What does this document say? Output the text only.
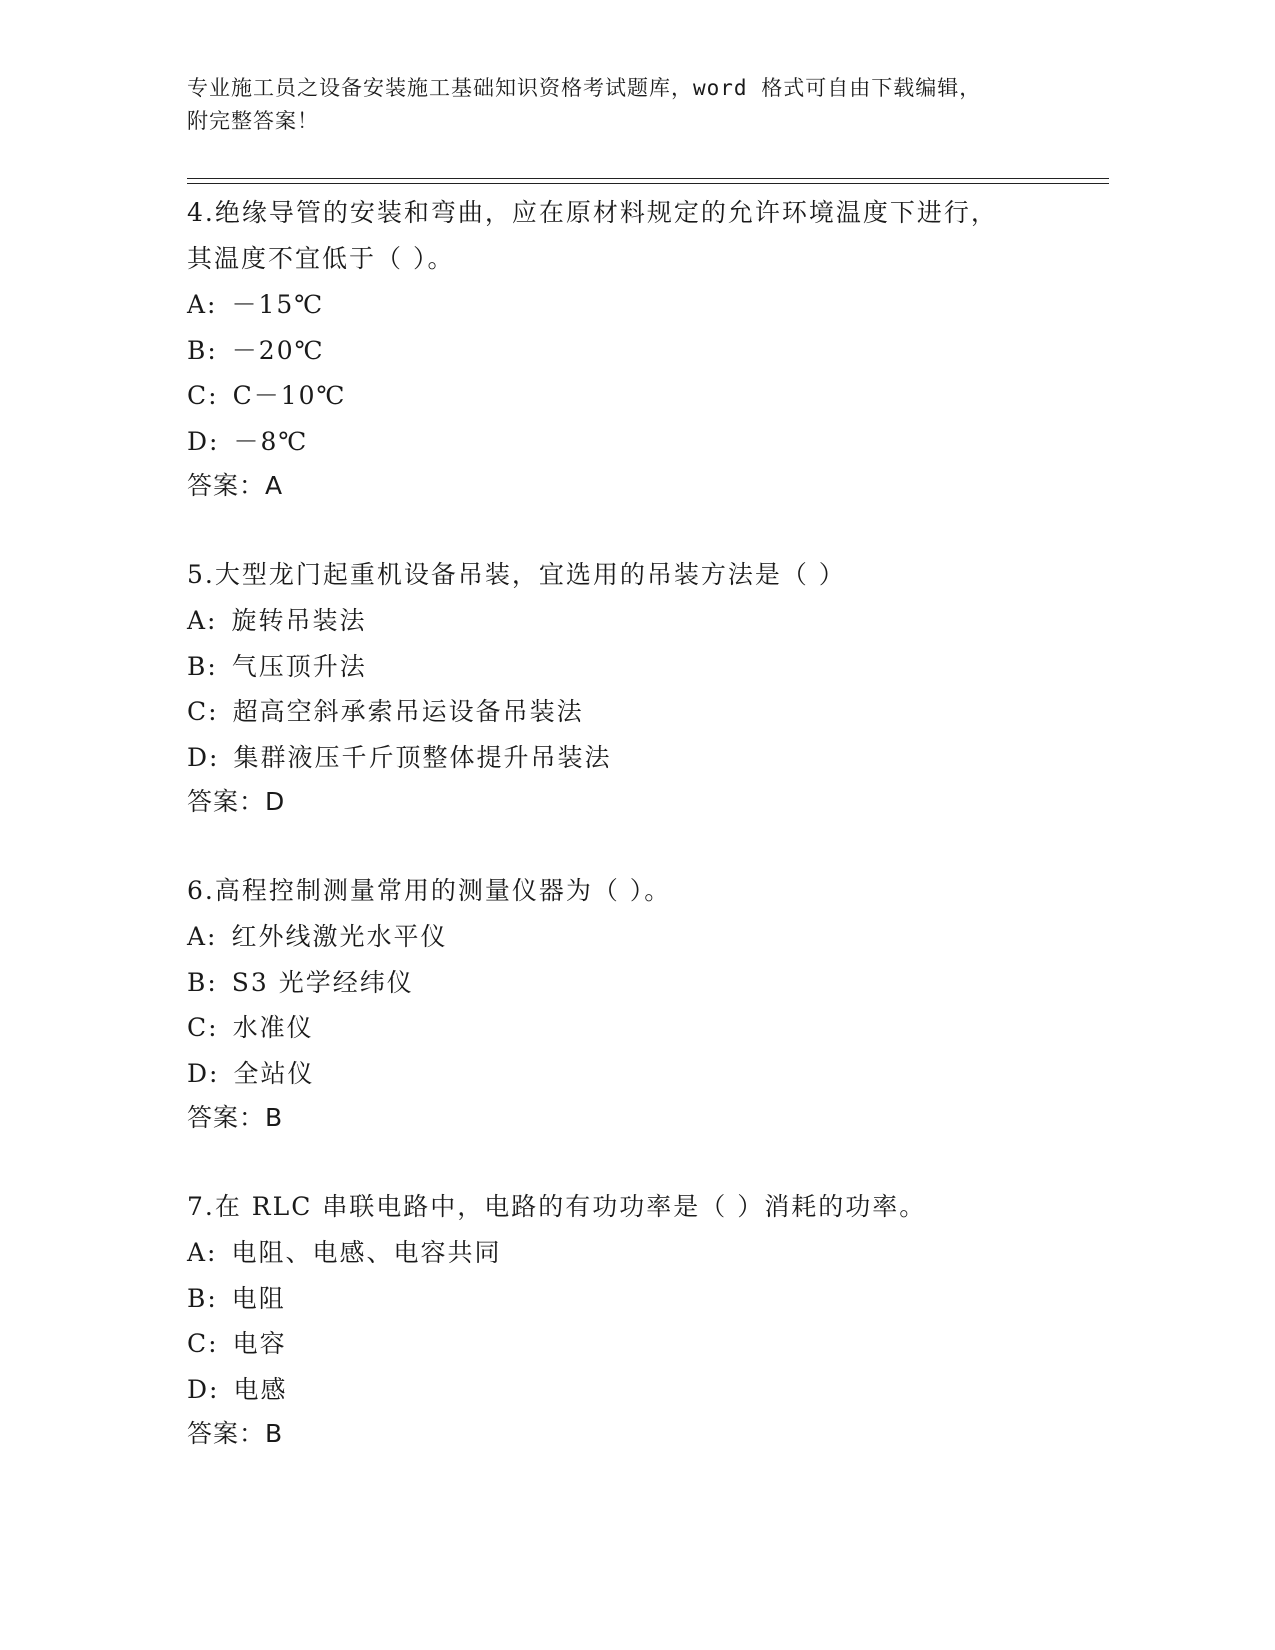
专业施工员之设备安装施工基础知识资格考试题库，word 格式可自由下载编辑，

附完整答案！

4.绝缘导管的安装和弯曲，应在原材料规定的允许环境温度下进行，

其温度不宜低于（ ）。

A: －15℃
B: －20℃
C: C－10℃
D: －8℃
答案：A

5.大型龙门起重机设备吊装，宜选用的吊装方法是（ ）

A: 旋转吊装法
B: 气压顶升法
C: 超高空斜承索吊运设备吊装法
D: 集群液压千斤顶整体提升吊装法
答案：D

6.高程控制测量常用的测量仪器为（ ）。

A: 红外线激光水平仪
B: S3 光学经纬仪
C: 水准仪
D: 全站仪
答案：B

7.在 RLC 串联电路中，电路的有功功率是（ ）消耗的功率。

A: 电阻、电感、电容共同
B: 电阻
C: 电容
D: 电感
答案：B
